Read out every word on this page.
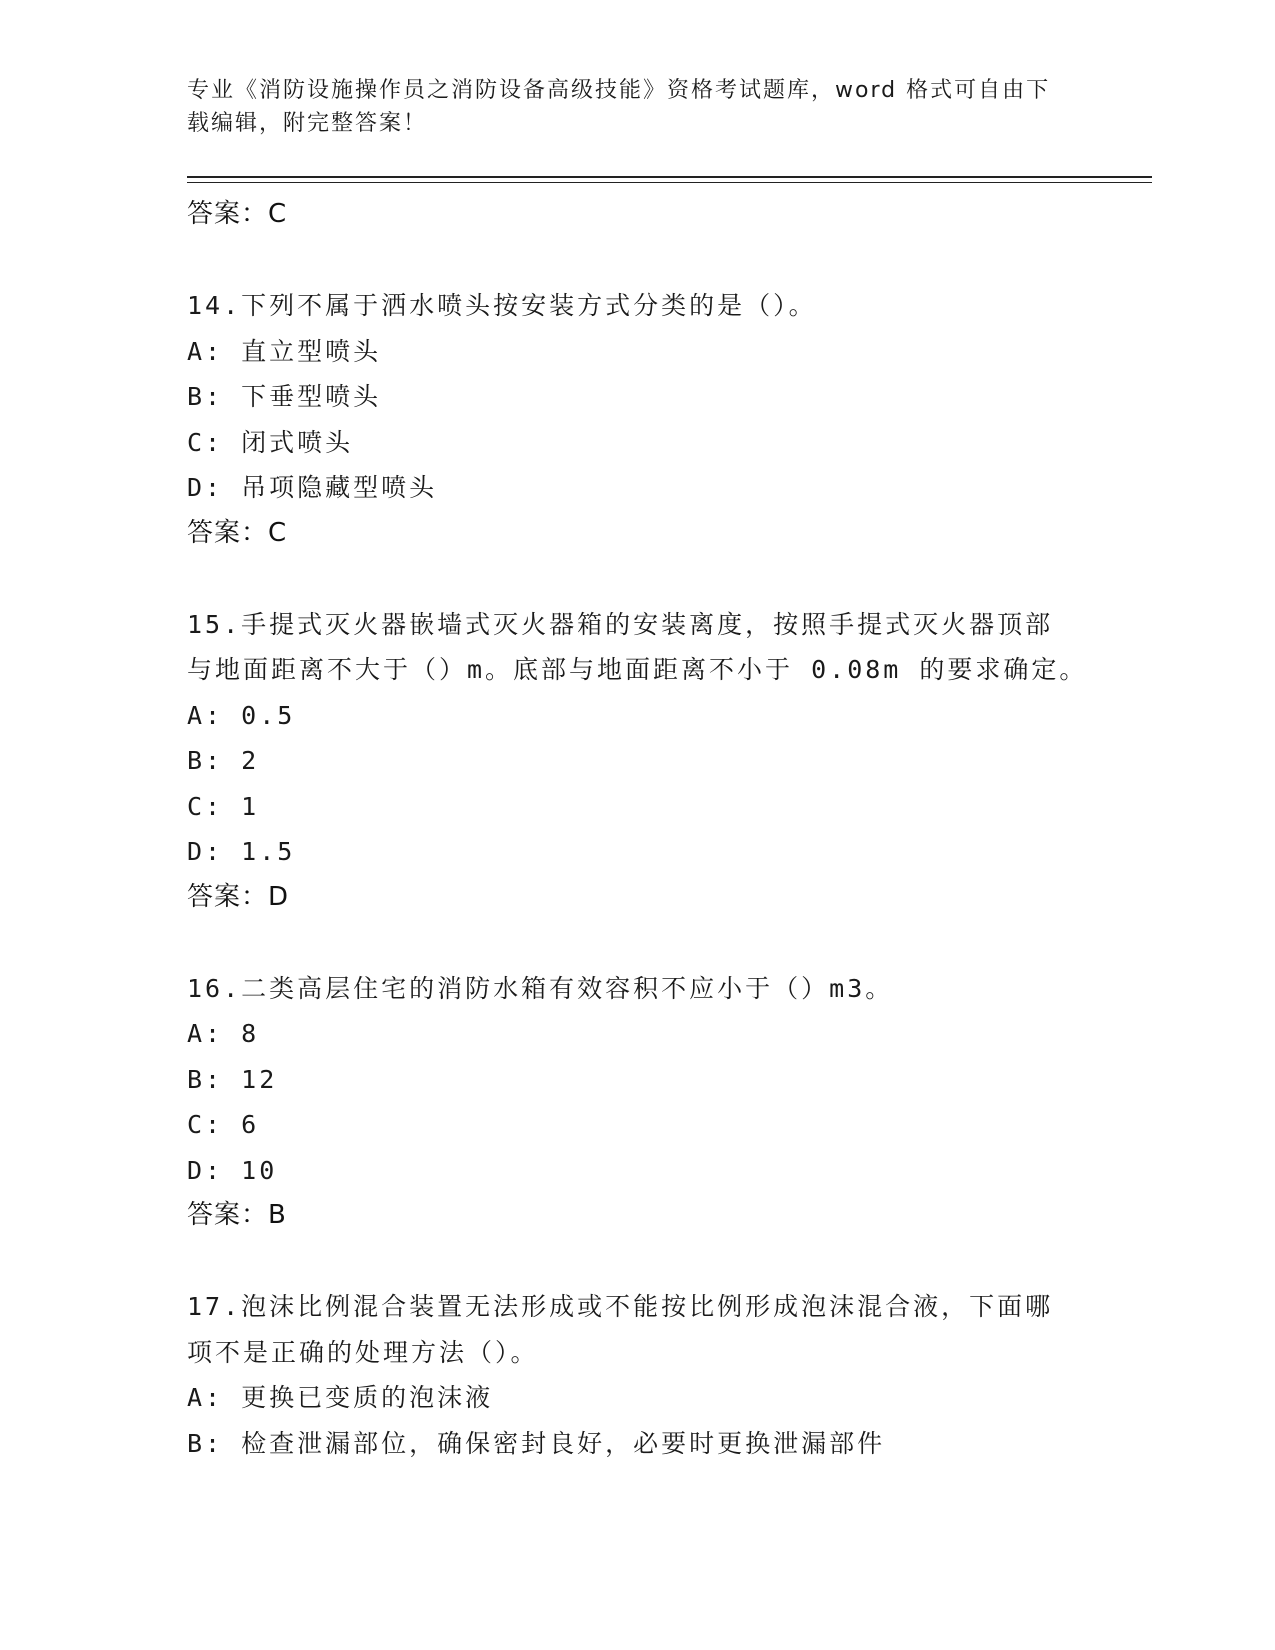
专业《消防设施操作员之消防设备高级技能》资格考试题库，word 格式可自由下
载编辑，附完整答案！
答案：C
14.下列不属于洒水喷头按安装方式分类的是（）。
A: 直立型喷头
B: 下垂型喷头
C: 闭式喷头
D: 吊项隐藏型喷头
答案：C
15.手提式灭火器嵌墙式灭火器箱的安装离度，按照手提式灭火器顶部
与地面距离不大于（）m。底部与地面距离不小于 0.08m 的要求确定。
A: 0.5
B: 2
C: 1
D: 1.5
答案：D
16.二类高层住宅的消防水箱有效容积不应小于（）m3。
A: 8
B: 12
C: 6
D: 10
答案：B
17.泡沫比例混合装置无法形成或不能按比例形成泡沫混合液，下面哪
项不是正确的处理方法（）。
A: 更换已变质的泡沫液
B: 检查泄漏部位，确保密封良好，必要时更换泄漏部件
